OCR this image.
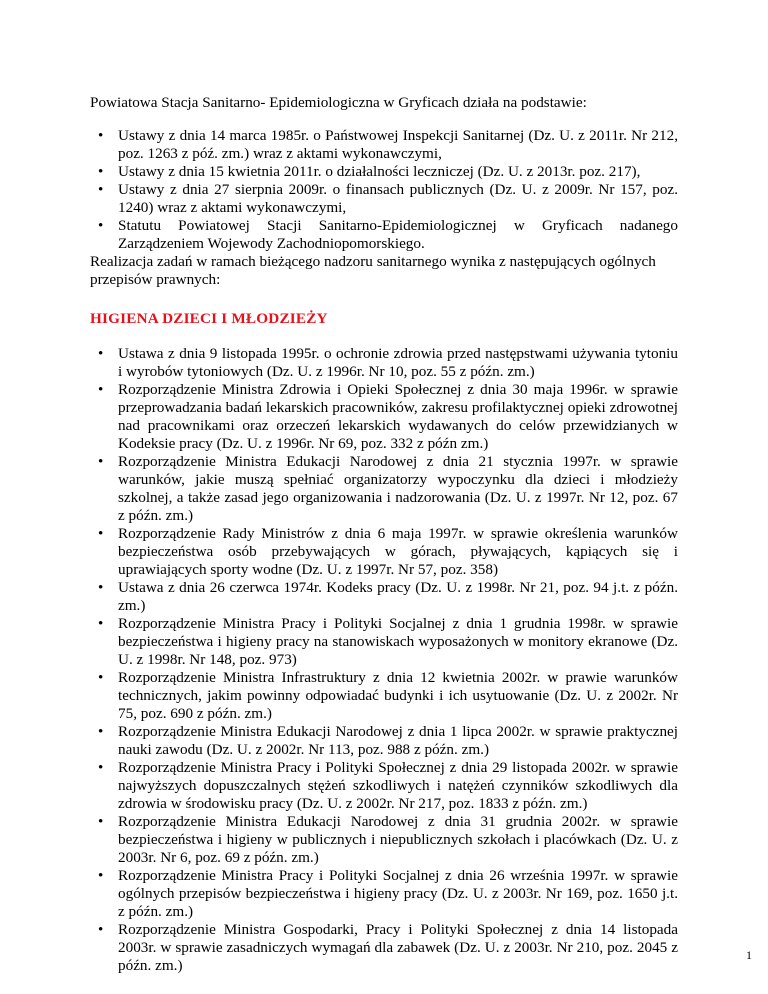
Powiatowa Stacja Sanitarno- Epidemiologiczna w Gryficach działa na podstawie:

• Ustawy z dnia 14 marca 1985r. o Państwowej Inspekcji Sanitarnej (Dz. U. z 2011r. Nr 212, poz. 1263 z póź. zm.) wraz z aktami wykonawczymi,
• Ustawy z dnia 15 kwietnia 2011r. o działalności leczniczej (Dz. U. z 2013r. poz. 217),
• Ustawy z dnia 27 sierpnia 2009r. o finansach publicznych (Dz. U. z 2009r. Nr 157, poz. 1240) wraz z aktami wykonawczymi,
• Statutu Powiatowej Stacji Sanitarno-Epidemiologicznej w Gryficach nadanego Zarządzeniem Wojewody Zachodniopomorskiego.

Realizacja zadań w ramach bieżącego nadzoru sanitarnego wynika z następujących ogólnych przepisów prawnych:

HIGIENA DZIECI I MŁODZIEŻY

• Ustawa z dnia 9 listopada 1995r. o ochronie zdrowia przed następstwami używania tytoniu i wyrobów tytoniowych (Dz. U. z 1996r. Nr 10, poz. 55 z późn. zm.)
• Rozporządzenie Ministra Zdrowia i Opieki Społecznej z dnia 30 maja 1996r. w sprawie przeprowadzania badań lekarskich pracowników, zakresu profilaktycznej opieki zdrowotnej nad pracownikami oraz orzeczeń lekarskich wydawanych do celów przewidzianych w Kodeksie pracy (Dz. U. z 1996r. Nr 69, poz. 332 z późn zm.)
• Rozporządzenie Ministra Edukacji Narodowej z dnia 21 stycznia 1997r. w sprawie warunków, jakie muszą spełniać organizatorzy wypoczynku dla dzieci i młodzieży szkolnej, a także zasad jego organizowania i nadzorowania (Dz. U. z 1997r. Nr 12, poz. 67 z późn. zm.)
• Rozporządzenie Rady Ministrów z dnia 6 maja 1997r. w sprawie określenia warunków bezpieczeństwa osób przebywających w górach, pływających, kąpiących się i uprawiających sporty wodne (Dz. U. z 1997r. Nr 57, poz. 358)
• Ustawa z dnia 26 czerwca 1974r. Kodeks pracy (Dz. U. z 1998r. Nr 21, poz. 94 j.t. z późn. zm.)
• Rozporządzenie Ministra Pracy i Polityki Socjalnej z dnia 1 grudnia 1998r. w sprawie bezpieczeństwa i higieny pracy na stanowiskach wyposażonych w monitory ekranowe (Dz. U. z 1998r. Nr 148, poz. 973)
• Rozporządzenie Ministra Infrastruktury z dnia 12 kwietnia 2002r. w prawie warunków technicznych, jakim powinny odpowiadać budynki i ich usytuowanie (Dz. U. z 2002r. Nr 75, poz. 690 z późn. zm.)
• Rozporządzenie Ministra Edukacji Narodowej z dnia 1 lipca 2002r. w sprawie praktycznej nauki zawodu (Dz. U. z 2002r. Nr 113, poz. 988 z późn. zm.)
• Rozporządzenie Ministra Pracy i Polityki Społecznej z dnia 29 listopada 2002r. w sprawie najwyższych dopuszczalnych stężeń szkodliwych i natężeń czynników szkodliwych dla zdrowia w środowisku pracy (Dz. U. z 2002r. Nr 217, poz. 1833 z późn. zm.)
• Rozporządzenie Ministra Edukacji Narodowej z dnia 31 grudnia 2002r. w sprawie bezpieczeństwa i higieny w publicznych i niepublicznych szkołach i placówkach (Dz. U. z 2003r. Nr 6, poz. 69 z późn. zm.)
• Rozporządzenie Ministra Pracy i Polityki Socjalnej z dnia 26 września 1997r. w sprawie ogólnych przepisów bezpieczeństwa i higieny pracy (Dz. U. z 2003r. Nr 169, poz. 1650 j.t. z późn. zm.)
• Rozporządzenie Ministra Gospodarki, Pracy i Polityki Społecznej z dnia 14 listopada 2003r. w sprawie zasadniczych wymagań dla zabawek (Dz. U. z 2003r. Nr 210, poz. 2045 z późn. zm.)
1
